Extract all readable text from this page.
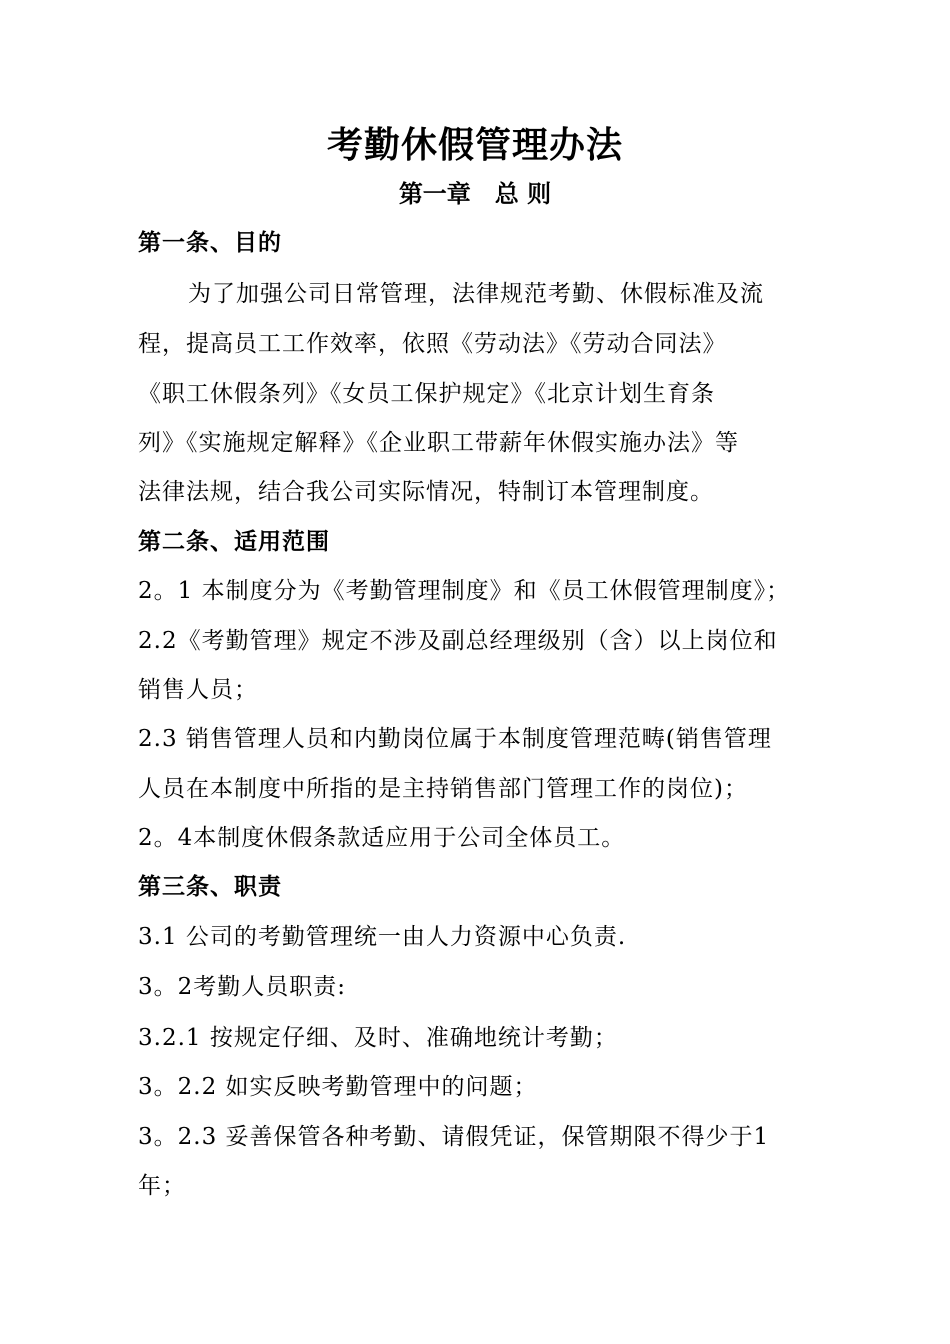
考勤休假管理办法
第一章　总 则
第一条、目的
为了加强公司日常管理，法律规范考勤、休假标准及流
程，提高员工工作效率，依照《劳动法》《劳动合同法》
《职工休假条列》《女员工保护规定》《北京计划生育条
列》《实施规定解释》《企业职工带薪年休假实施办法》等
法律法规，结合我公司实际情况，特制订本管理制度。
第二条、适用范围
2。1 本制度分为《考勤管理制度》和《员工休假管理制度》；
2.2《考勤管理》规定不涉及副总经理级别（含）以上岗位和
销售人员；
2.3 销售管理人员和内勤岗位属于本制度管理范畴(销售管理
人员在本制度中所指的是主持销售部门管理工作的岗位)；
2。4本制度休假条款适应用于公司全体员工。
第三条、职责
3.1 公司的考勤管理统一由人力资源中心负责.
3。2考勤人员职责:
3.2.1 按规定仔细、及时、准确地统计考勤；
3。2.2 如实反映考勤管理中的问题；
3。2.3 妥善保管各种考勤、请假凭证，保管期限不得少于1
年；
